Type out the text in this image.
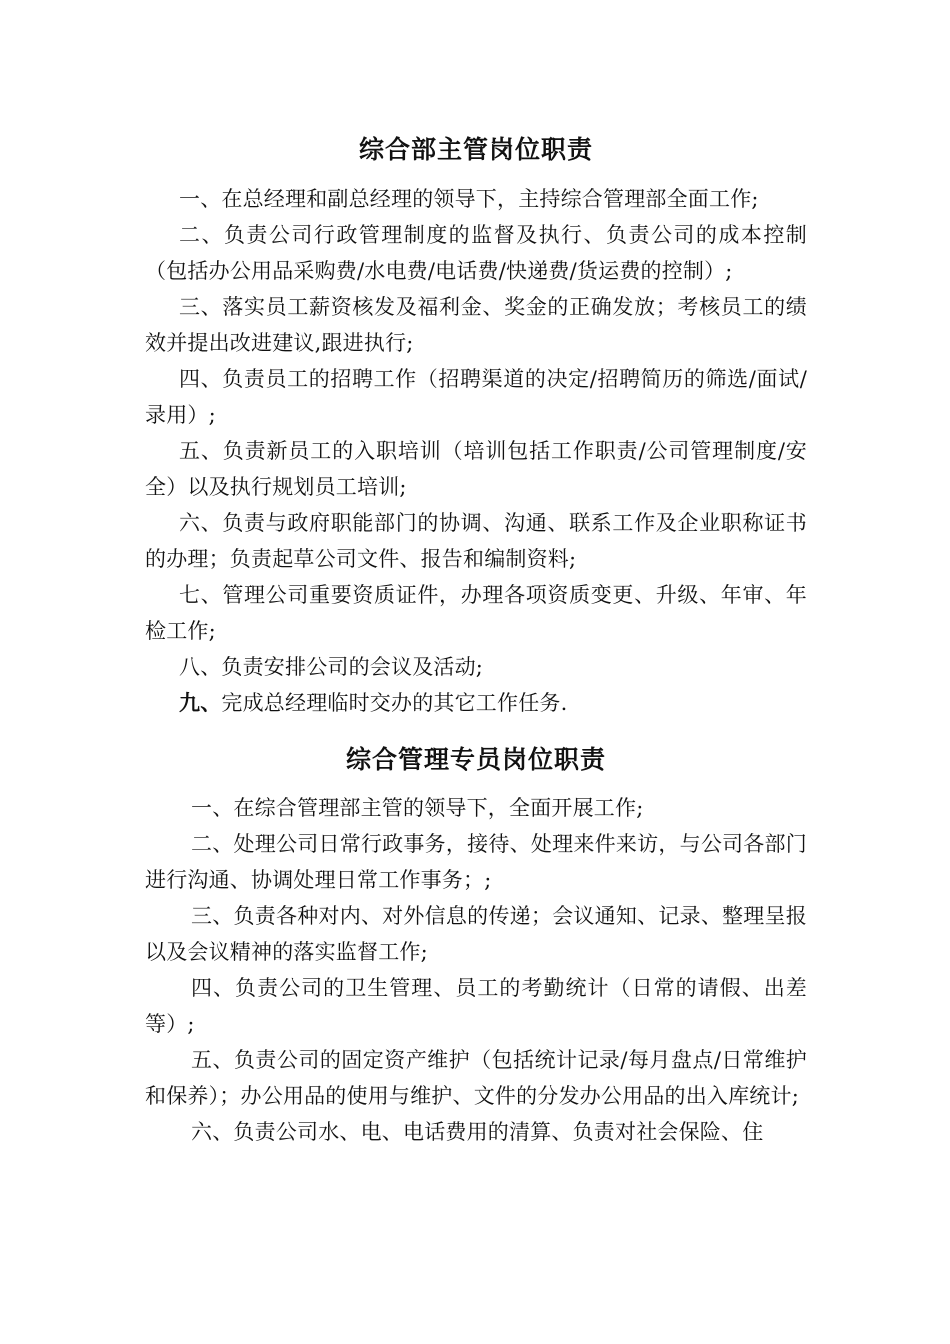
综合部主管岗位职责
一、在总经理和副总经理的领导下，主持综合管理部全面工作;
二、负责公司行政管理制度的监督及执行、负责公司的成本控制（包括办公用品采购费/水电费/电话费/快递费/货运费的控制）;
三、落实员工薪资核发及福利金、奖金的正确发放；考核员工的绩效并提出改进建议,跟进执行;
四、负责员工的招聘工作（招聘渠道的决定/招聘简历的筛选/面试/录用）;
五、负责新员工的入职培训（培训包括工作职责/公司管理制度/安全）以及执行规划员工培训;
六、负责与政府职能部门的协调、沟通、联系工作及企业职称证书的办理；负责起草公司文件、报告和编制资料;
七、管理公司重要资质证件，办理各项资质变更、升级、年审、年检工作;
八、负责安排公司的会议及活动;
九、完成总经理临时交办的其它工作任务.
综合管理专员岗位职责
一、在综合管理部主管的领导下，全面开展工作;
二、处理公司日常行政事务，接待、处理来件来访，与公司各部门进行沟通、协调处理日常工作事务；;
三、负责各种对内、对外信息的传递；会议通知、记录、整理呈报以及会议精神的落实监督工作;
四、负责公司的卫生管理、员工的考勤统计（日常的请假、出差等）;
五、负责公司的固定资产维护（包括统计记录/每月盘点/日常维护和保养）；办公用品的使用与维护、文件的分发办公用品的出入库统计;
六、负责公司水、电、电话费用的清算、负责对社会保险、住
